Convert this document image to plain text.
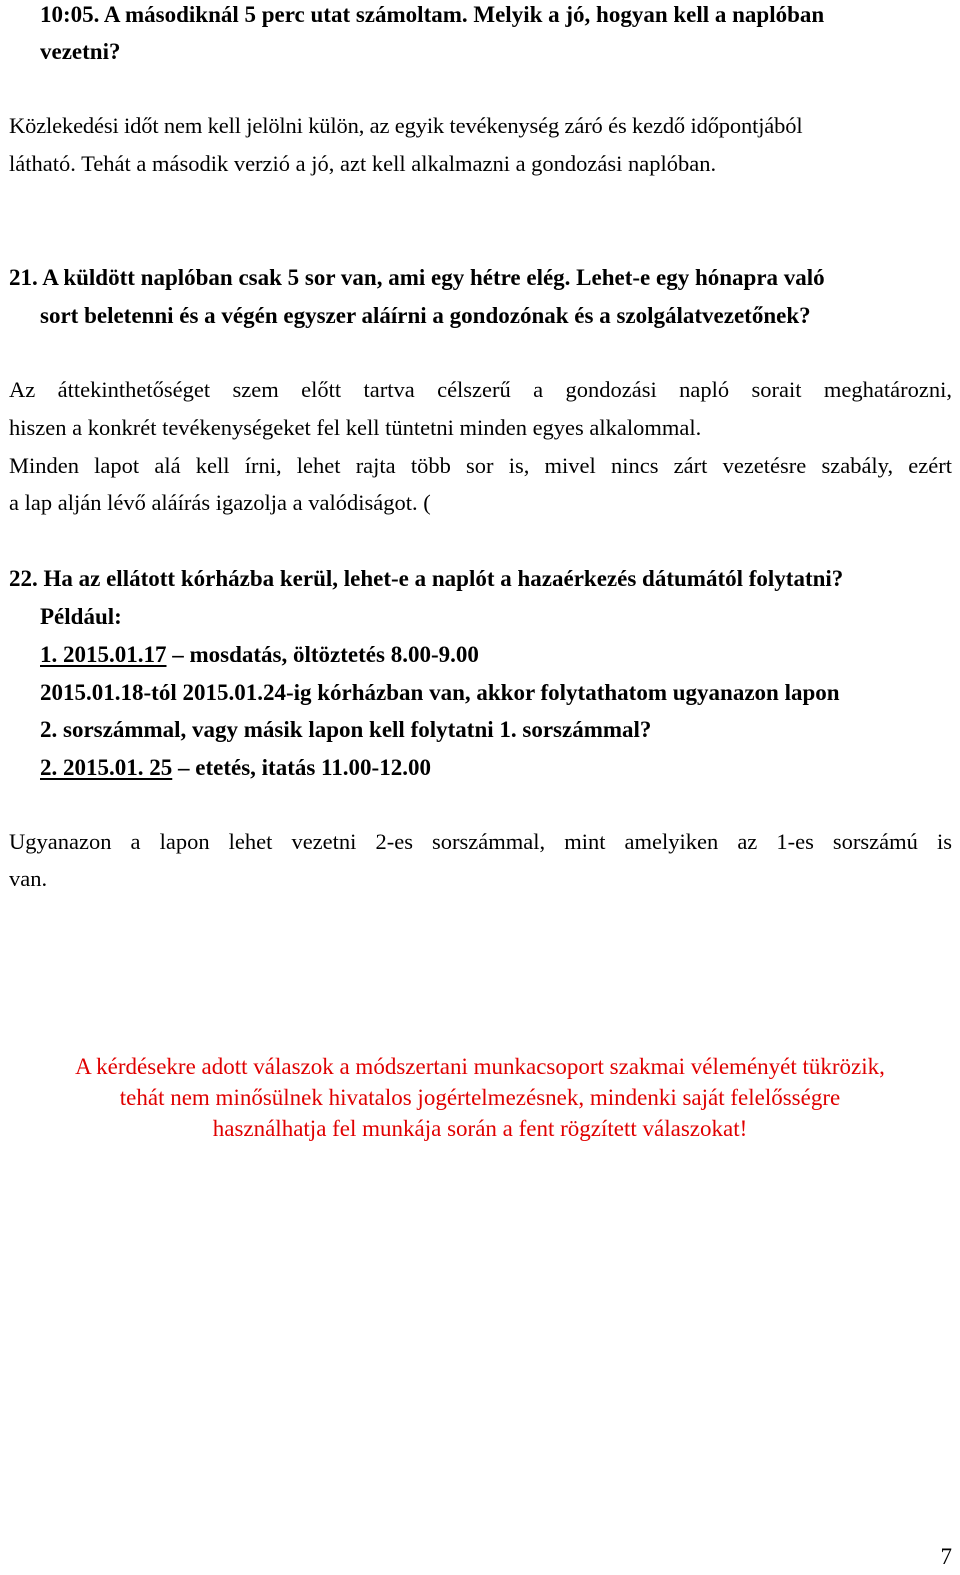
10:05. A másodiknál 5 perc utat számoltam. Melyik a jó, hogyan kell a naplóban
vezetni?
Közlekedési időt nem kell jelölni külön, az egyik tevékenység záró és kezdő időpontjából
látható. Tehát a második verzió a jó, azt kell alkalmazni a gondozási naplóban.
21. A küldött naplóban csak 5 sor van, ami egy hétre elég. Lehet-e egy hónapra való
sort beletenni és a végén egyszer aláírni a gondozónak és a szolgálatvezetőnek?
Az áttekinthetőséget szem előtt tartva célszerű a gondozási napló sorait meghatározni,
hiszen a konkrét tevékenységeket fel kell tüntetni minden egyes alkalommal.
Minden lapot alá kell írni, lehet rajta több sor is, mivel nincs zárt vezetésre szabály, ezért
a lap alján lévő aláírás igazolja a valódiságot. (
22. Ha az ellátott kórházba kerül, lehet-e a naplót a hazaérkezés dátumától folytatni?
Például:
1. 2015.01.17 – mosdatás, öltöztetés 8.00-9.00
2015.01.18-tól 2015.01.24-ig kórházban van, akkor folytathatom ugyanazon lapon
2. sorszámmal, vagy másik lapon kell folytatni 1. sorszámmal?
2. 2015.01. 25 – etetés, itatás 11.00-12.00
Ugyanazon a lapon lehet vezetni 2-es sorszámmal, mint amelyiken az 1-es sorszámú is
van.
A kérdésekre adott válaszok a módszertani munkacsoport szakmai véleményét tükrözik,
tehát nem minősülnek hivatalos jogértelmezésnek, mindenki saját felelősségre
használhatja fel munkája során a fent rögzített válaszokat!
7
